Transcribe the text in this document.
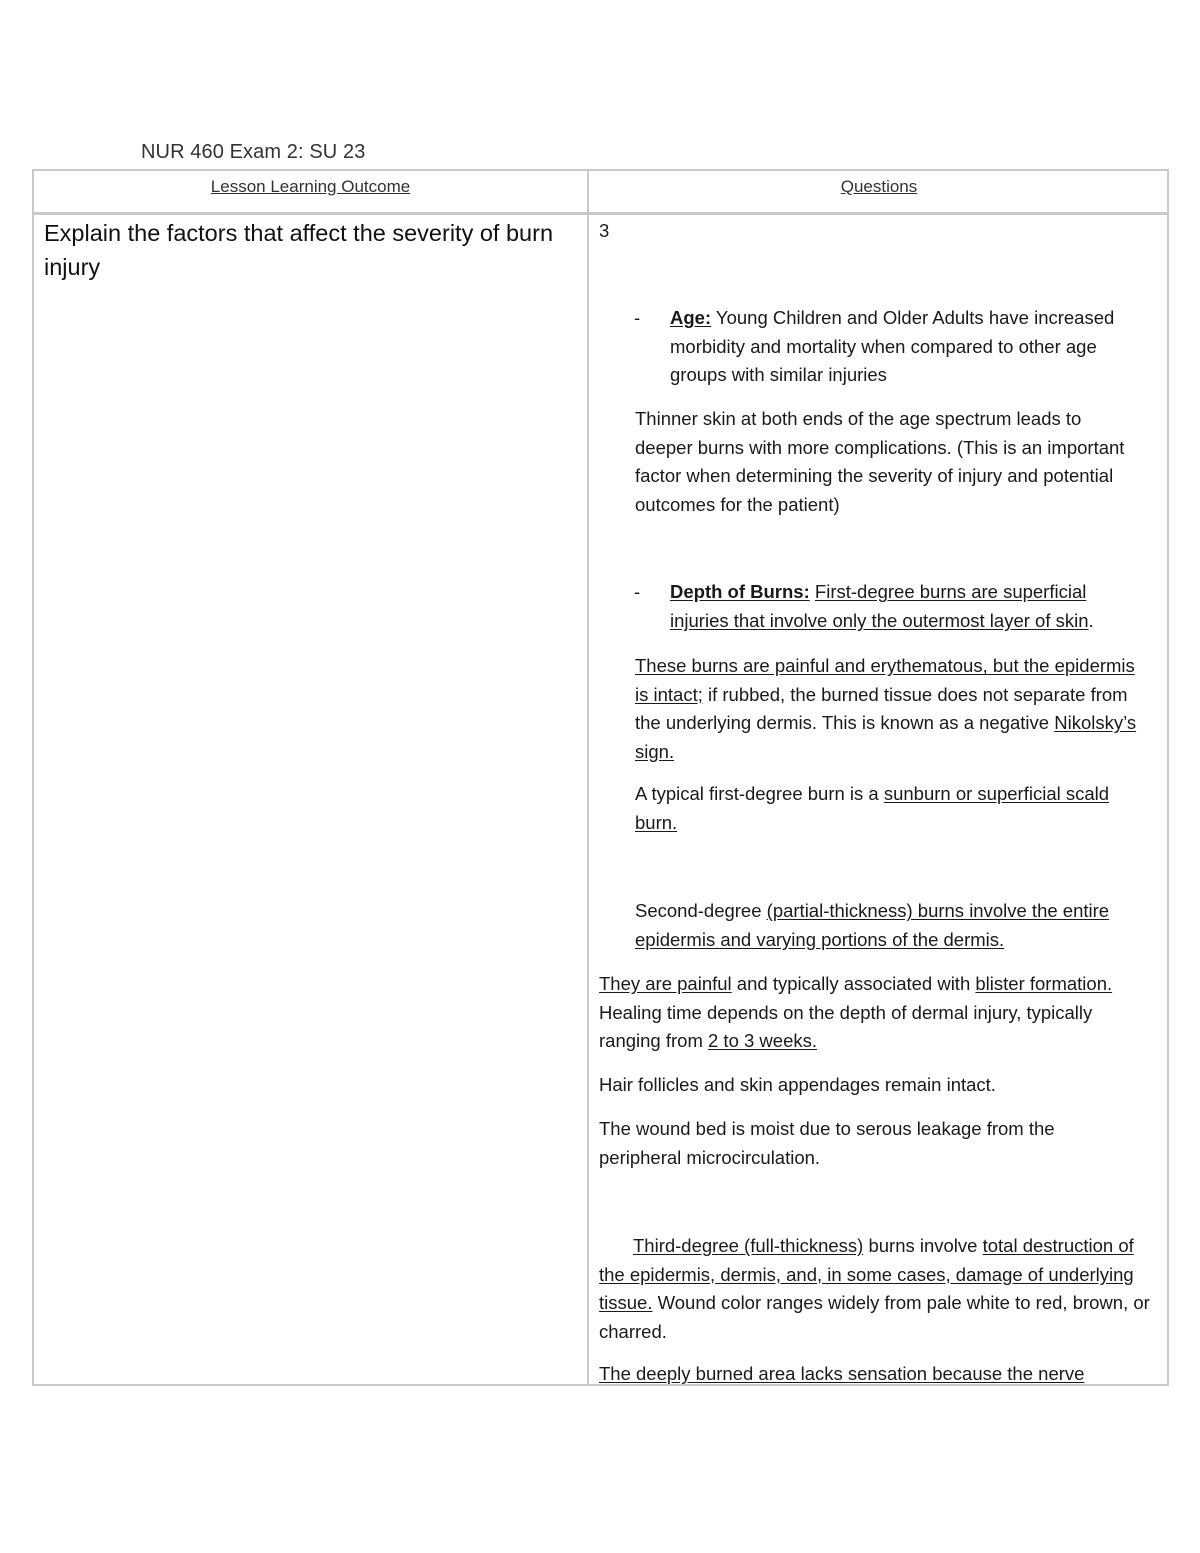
NUR 460 Exam 2: SU 23
Lesson Learning Outcome	Questions
Explain the factors that affect the severity of burn injury
3
- Age: Young Children and Older Adults have increased morbidity and mortality when compared to other age groups with similar injuries
Thinner skin at both ends of the age spectrum leads to deeper burns with more complications. (This is an important factor when determining the severity of injury and potential outcomes for the patient)
- Depth of Burns: First-degree burns are superficial injuries that involve only the outermost layer of skin.
These burns are painful and erythematous, but the epidermis is intact; if rubbed, the burned tissue does not separate from the underlying dermis. This is known as a negative Nikolsky’s sign.
A typical first-degree burn is a sunburn or superficial scald burn.
Second-degree (partial-thickness) burns involve the entire epidermis and varying portions of the dermis.
They are painful and typically associated with blister formation. Healing time depends on the depth of dermal injury, typically ranging from 2 to 3 weeks.
Hair follicles and skin appendages remain intact.
The wound bed is moist due to serous leakage from the peripheral microcirculation.
Third-degree (full-thickness) burns involve total destruction of the epidermis, dermis, and, in some cases, damage of underlying tissue. Wound color ranges widely from pale white to red, brown, or charred.
The deeply burned area lacks sensation because the nerve
